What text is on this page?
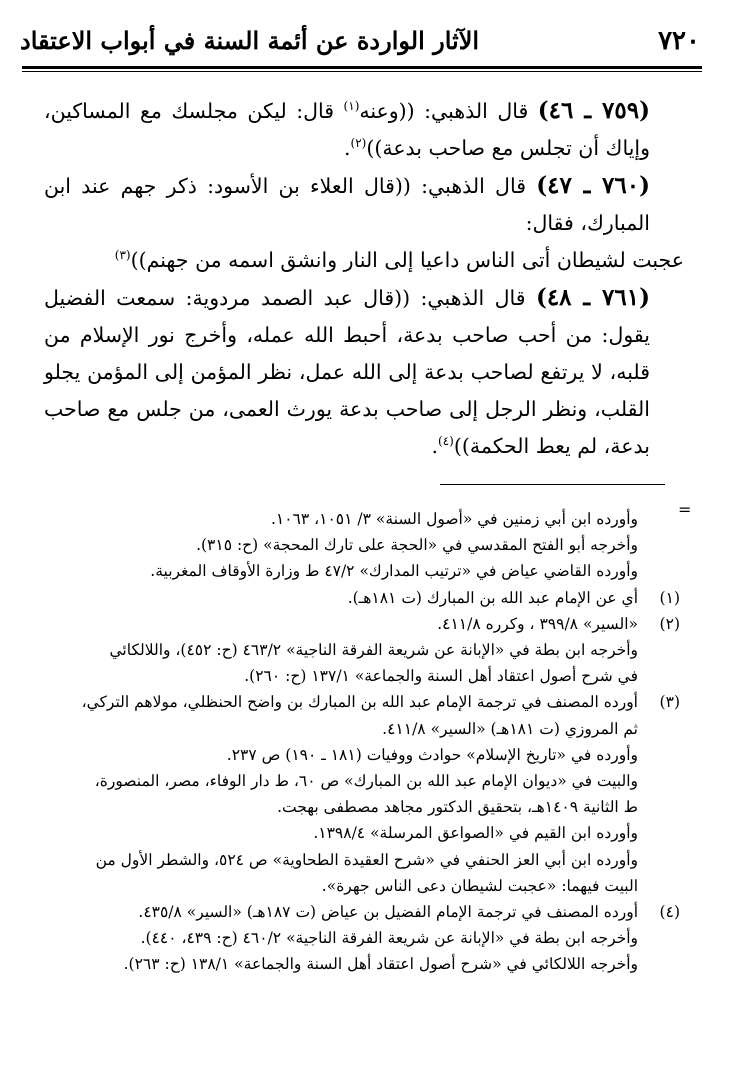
٧٢٠
الآثار الواردة عن أئمة السنة في أبواب الاعتقاد

(٧٥٩ ـ ٤٦) قال الذهبي: ((وعنه$^{(١)}$ قال: ليكن مجلسك مع المساكين، وإياك أن تجلس مع صاحب بدعة))$^{(٢)}$.

(٧٦٠ ـ ٤٧) قال الذهبي: ((قال العلاء بن الأسود: ذكر جهم عند ابن المبارك، فقال:

عجبت لشيطان أتى الناس داعيا إلى النار وانشق اسمه من جهنم))$^{(٣)}$

(٧٦١ ـ ٤٨) قال الذهبي: ((قال عبد الصمد مردوية: سمعت الفضيل يقول: من أحب صاحب بدعة، أحبط الله عمله، وأخرج نور الإسلام من قلبه، لا يرتفع لصاحب بدعة إلى الله عمل، نظر المؤمن إلى المؤمن يجلو القلب، ونظر الرجل إلى صاحب بدعة يورث العمى، من جلس مع صاحب بدعة، لم يعط الحكمة))$^{(٤)}$.

=

وأورده ابن أبي زمنين في «أصول السنة» ٣/ ١٠٥١، ١٠٦٣.

وأخرجه أبو الفتح المقدسي في «الحجة على تارك المحجة» (ح: ٣١٥).

وأورده القاضي عياض في «ترتيب المدارك» ٤٧/٢ ط وزارة الأوقاف المغربية.

(١)
أي عن الإمام عبد الله بن المبارك (ت ١٨١هـ).

(٢)
«السير» ٣٩٩/٨ ، وكرره ٤١١/٨.

وأخرجه ابن بطة في «الإبانة عن شريعة الفرقة الناجية» ٤٦٣/٢ (ح: ٤٥٢)، واللالكائي

في شرح أصول اعتقاد أهل السنة والجماعة» ١٣٧/١ (ح: ٢٦٠).

(٣)
أورده المصنف في ترجمة الإمام عبد الله بن المبارك بن واضح الحنظلي، مولاهم التركي،

ثم المروزي (ت ١٨١هـ) «السير» ٤١١/٨.

وأورده في «تاريخ الإسلام» حوادث ووفيات (١٨١ ـ ١٩٠) ص ٢٣٧.

والبيت في «ديوان الإمام عبد الله بن المبارك» ص ٦٠، ط دار الوفاء، مصر، المنصورة،

ط الثانية ١٤٠٩هـ، بتحقيق الدكتور مجاهد مصطفى بهجت.

وأورده ابن القيم في «الصواعق المرسلة» ١٣٩٨/٤.

وأورده ابن أبي العز الحنفي في «شرح العقيدة الطحاوية» ص ٥٢٤، والشطر الأول من

البيت فيهما: «عجبت لشيطان دعى الناس جهرة».

(٤)
أورده المصنف في ترجمة الإمام الفضيل بن عياض (ت ١٨٧هـ) «السير» ٤٣٥/٨.

وأخرجه ابن بطة في «الإبانة عن شريعة الفرقة الناجية» ٤٦٠/٢ (ح: ٤٣٩، ٤٤٠).

وأخرجه اللالكائي في «شرح أصول اعتقاد أهل السنة والجماعة» ١٣٨/١ (ح: ٢٦٣).
